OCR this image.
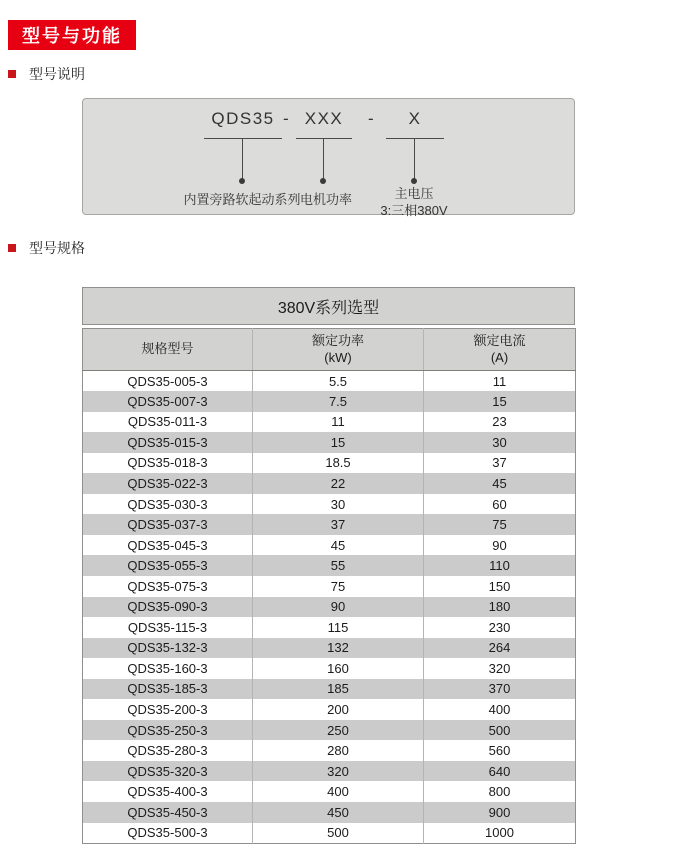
型号与功能
型号说明
QDS35 - XXX	-	X
内置旁路软起动系列 电机功率	主电压
3:三相380V
型号规格
380V系列选型
规格型号

额定功率
(kW)

额定电流
(A)

QDS35-005-3	5.5	11
QDS35-007-3	7.5	15
QDS35-011-3	11	23
QDS35-015-3	15	30
QDS35-018-3	18.5	37
QDS35-022-3	22	45
QDS35-030-3	30	60
QDS35-037-3	37	75
QDS35-045-3	45	90
QDS35-055-3	55	110
QDS35-075-3	75	150
QDS35-090-3	90	180
QDS35-115-3	115	230
QDS35-132-3	132	264
QDS35-160-3	160	320
QDS35-185-3	185	370
QDS35-200-3	200	400
QDS35-250-3	250	500
QDS35-280-3	280	560
QDS35-320-3	320	640
QDS35-400-3	400	800
QDS35-450-3	450	900
QDS35-500-3	500	1000
